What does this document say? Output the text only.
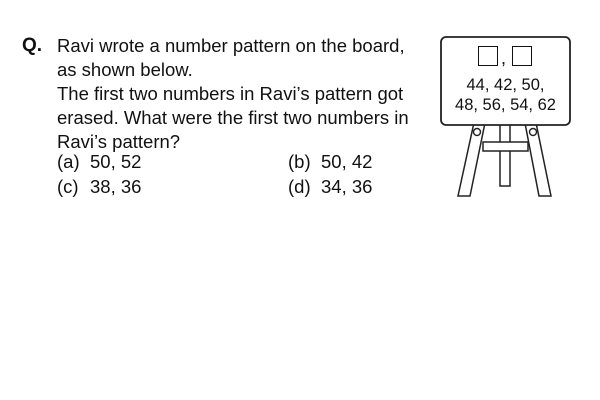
Q. Ravi wrote a number pattern on the board,
as shown below.
The first two numbers in Ravi’s pattern got
erased. What were the first two numbers in
Ravi’s pattern?
(a) 50, 52	(b) 50, 42
(c) 38, 36	(d) 34, 36
,
44, 42, 50,
48, 56, 54, 62
